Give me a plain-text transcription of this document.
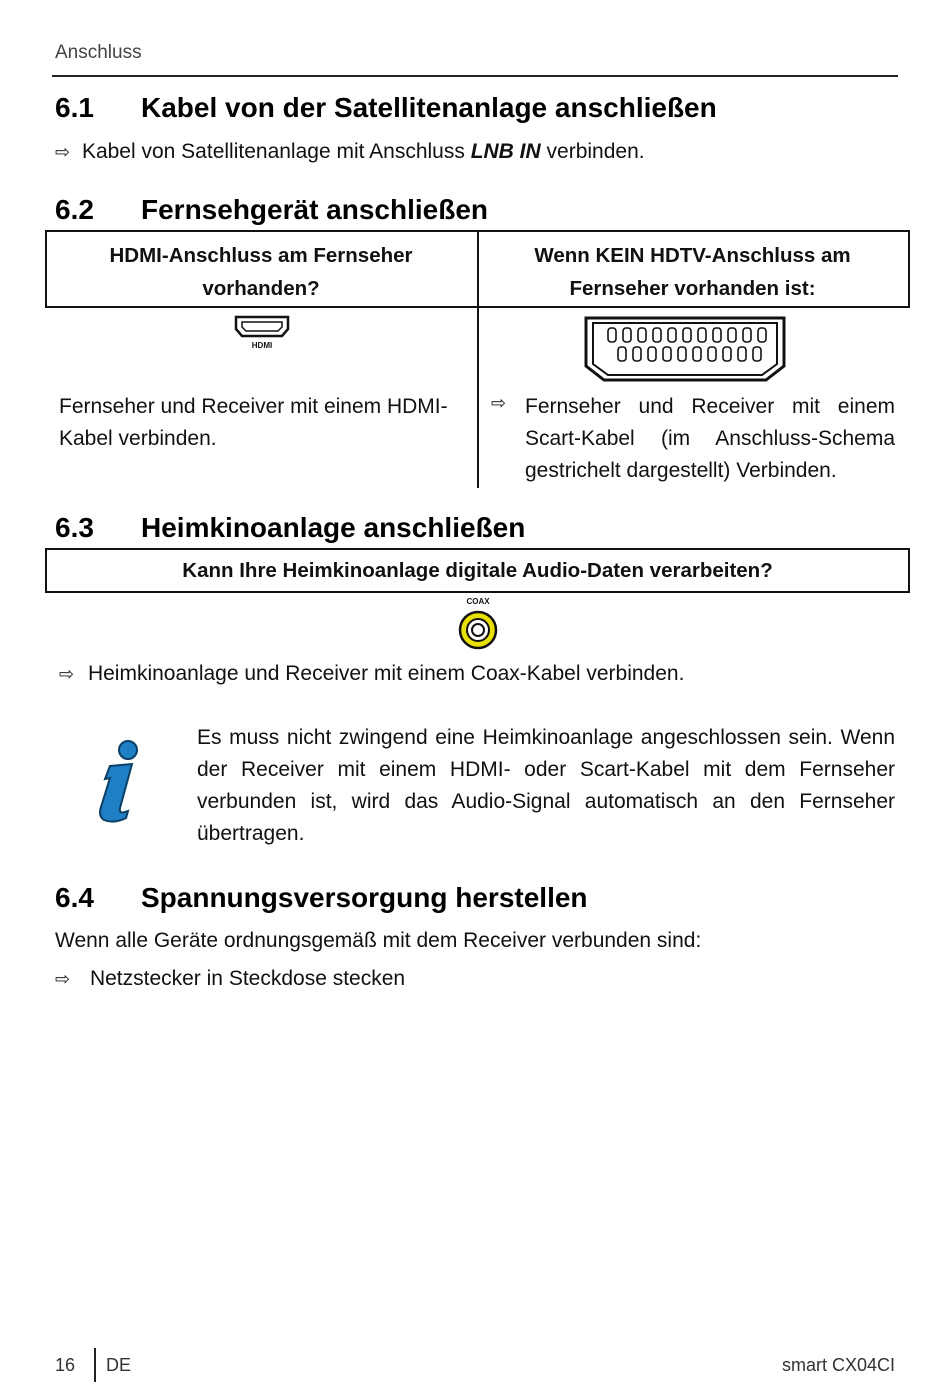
Anschluss
6.1 Kabel von der Satellitenanlage anschließen
⇨ Kabel von Satellitenanlage mit Anschluss LNB IN verbinden.
6.2 Fernsehgerät anschließen
HDMI-Anschluss am Fernseher vorhanden?
Wenn KEIN HDTV-Anschluss am Fernseher vorhanden ist:
HDMI
Fernseher und Receiver mit einem HDMI-Kabel verbinden.
⇨ Fernseher und Receiver mit einem Scart-Kabel (im Anschluss-Schema gestrichelt dargestellt) Verbinden.
6.3 Heimkinoanlage anschließen
Kann Ihre Heimkinoanlage digitale Audio-Daten verarbeiten?
COAX
⇨ Heimkinoanlage und Receiver mit einem Coax-Kabel verbinden.
Es muss nicht zwingend eine Heimkinoanlage angeschlossen sein. Wenn der Receiver mit einem HDMI- oder Scart-Kabel mit dem Fernseher verbunden ist, wird das Audio-Signal automatisch an den Fernseher übertragen.
6.4 Spannungsversorgung herstellen
Wenn alle Geräte ordnungsgemäß mit dem Receiver verbunden sind:
⇨ Netzstecker in Steckdose stecken
16 DE	smart CX04CI
